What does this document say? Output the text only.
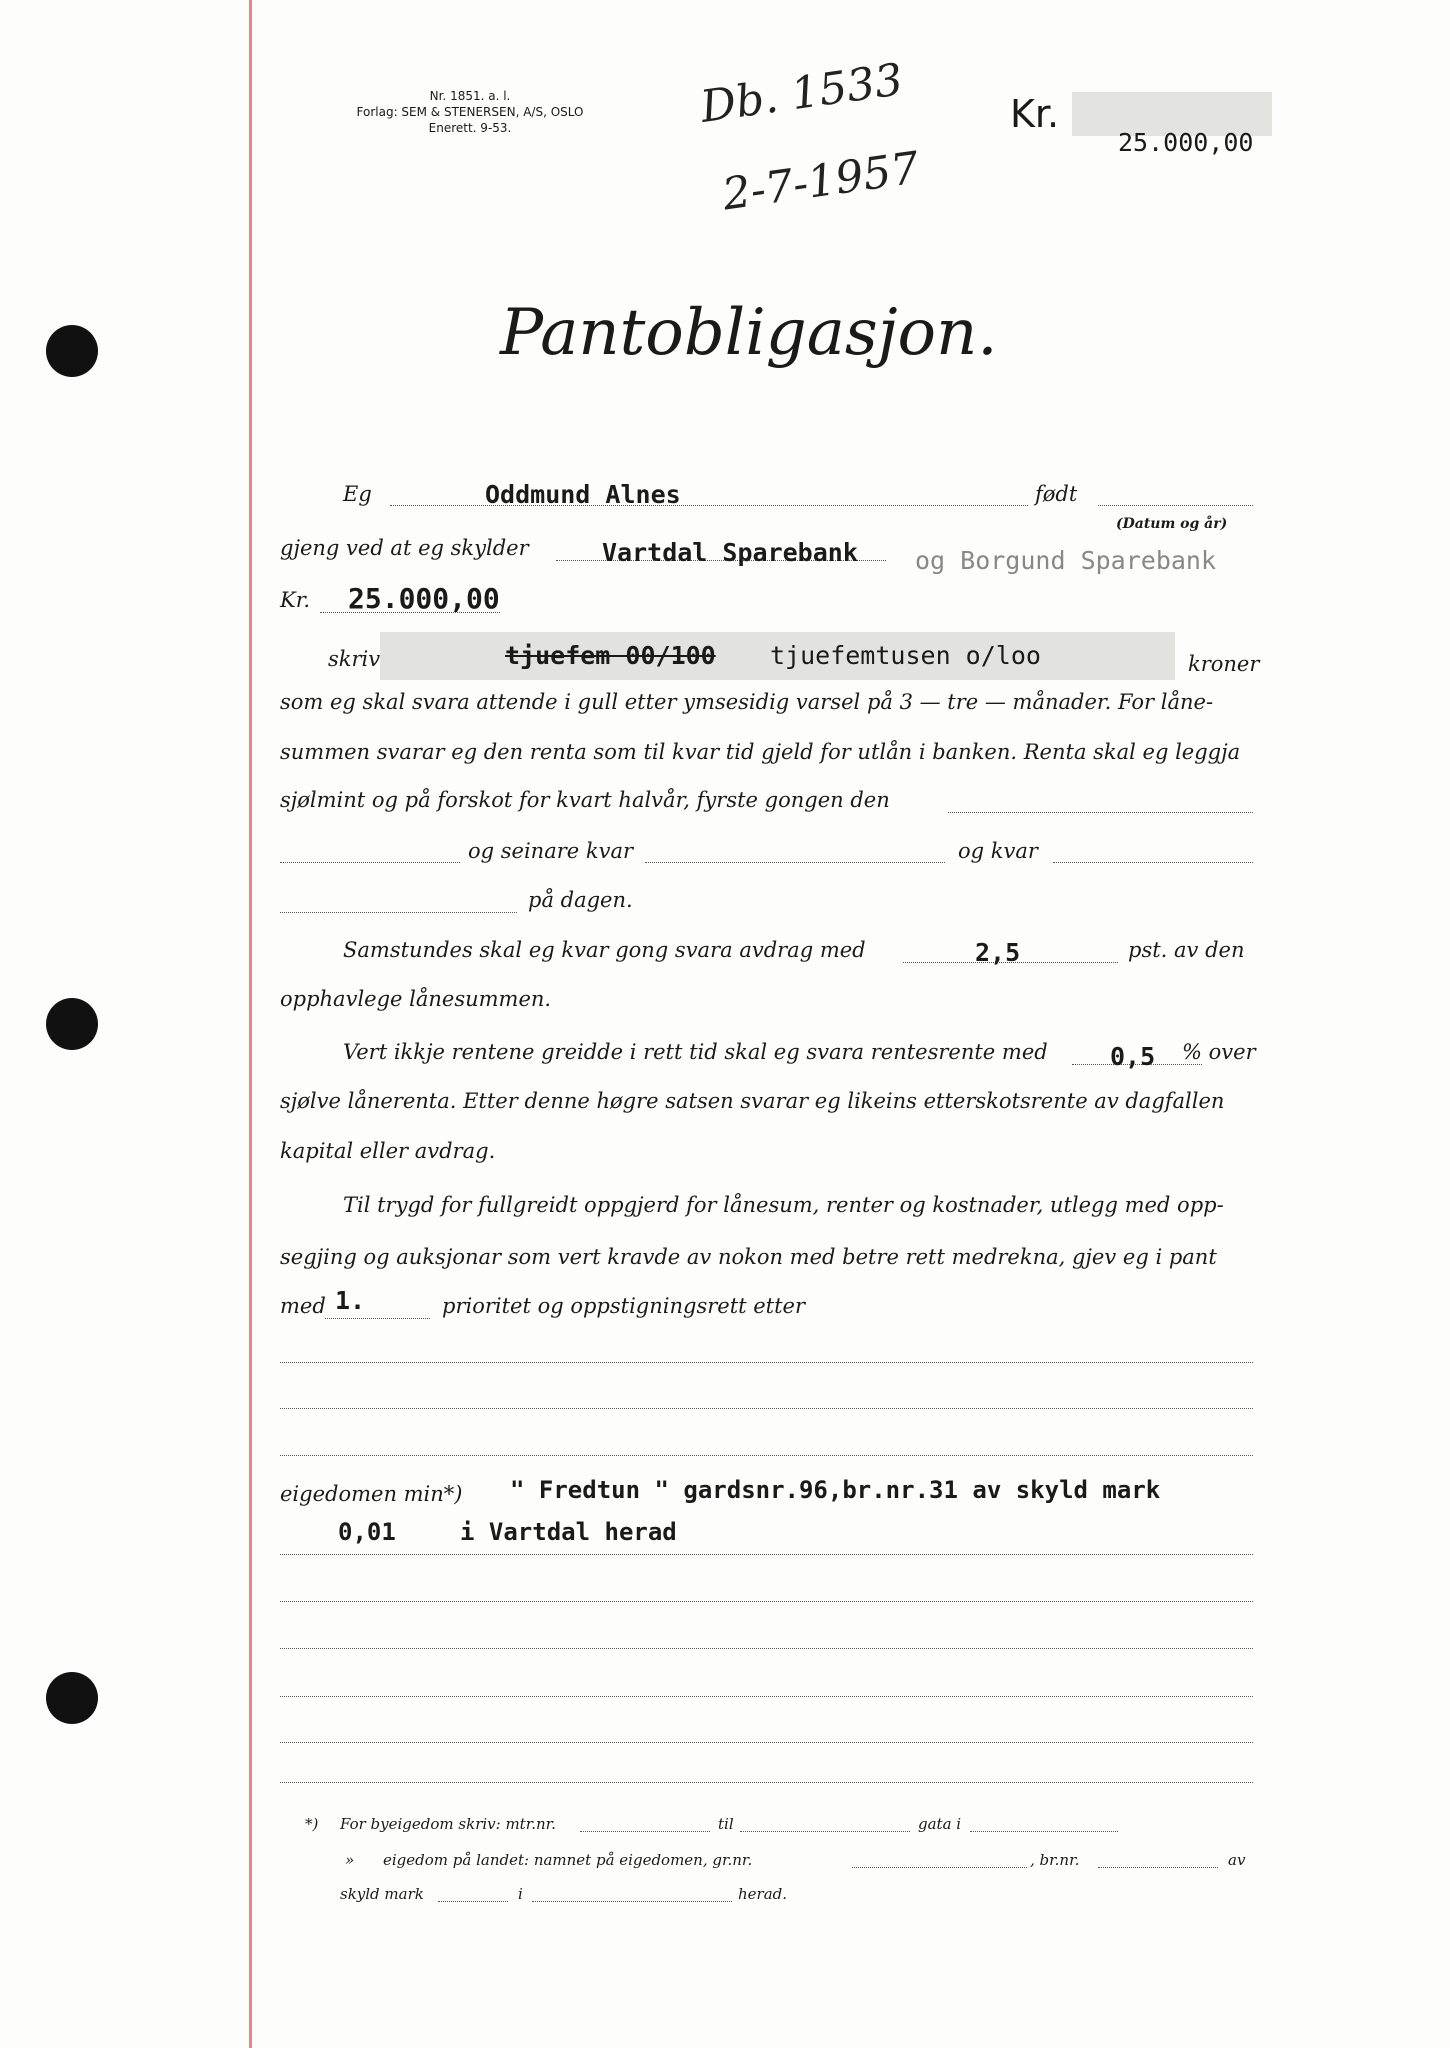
Nr. 1851. a. l.
Forlag: SEM & STENERSEN, A/S, OSLO
Enerett. 9-53.	Db. 1533
2-7-1957
Kr.
25.000,00
Pantobligasjon.
Eg	Oddmund Alnes	født
(Datum og år)
gjeng ved at eg skylder	Vartdal Sparebank og Borgund Sparebank
Kr. 25.000,00
skriv	tjuefem 00/100 tjuefemtusen o/loo	kroner
som eg skal svara attende i gull etter ymsesidig varsel på 3 — tre — månader. For låne-
summen svarar eg den renta som til kvar tid gjeld for utlån i banken. Renta skal eg leggja
sjølmint og på forskot for kvart halvår, fyrste gongen den
og seinare kvar	og kvar
på dagen.
Samstundes skal eg kvar gong svara avdrag med	2,5	pst. av den
opphavlege lånesummen.
Vert ikkje rentene greidde i rett tid skal eg svara rentesrente med 0,5 % over
sjølve lånerenta. Etter denne høgre satsen svarar eg likeins etterskotsrente av dagfallen
kapital eller avdrag.
Til trygd for fullgreidt oppgjerd for lånesum, renter og kostnader, utlegg med opp-
segjing og auksjonar som vert kravde av nokon med betre rett medrekna, gjev eg i pant
med 1.	prioritet og oppstigningsrett etter
eigedomen min*) " Fredtun " gardsnr.96,br.nr.31 av skyld mark
0,01	i Vartdal herad
*) For byeigedom skriv: mtr.nr.	til	gata i
» eigedom på landet: namnet på eigedomen, gr.nr.	, br.nr.	av
skyld mark	i	herad.
